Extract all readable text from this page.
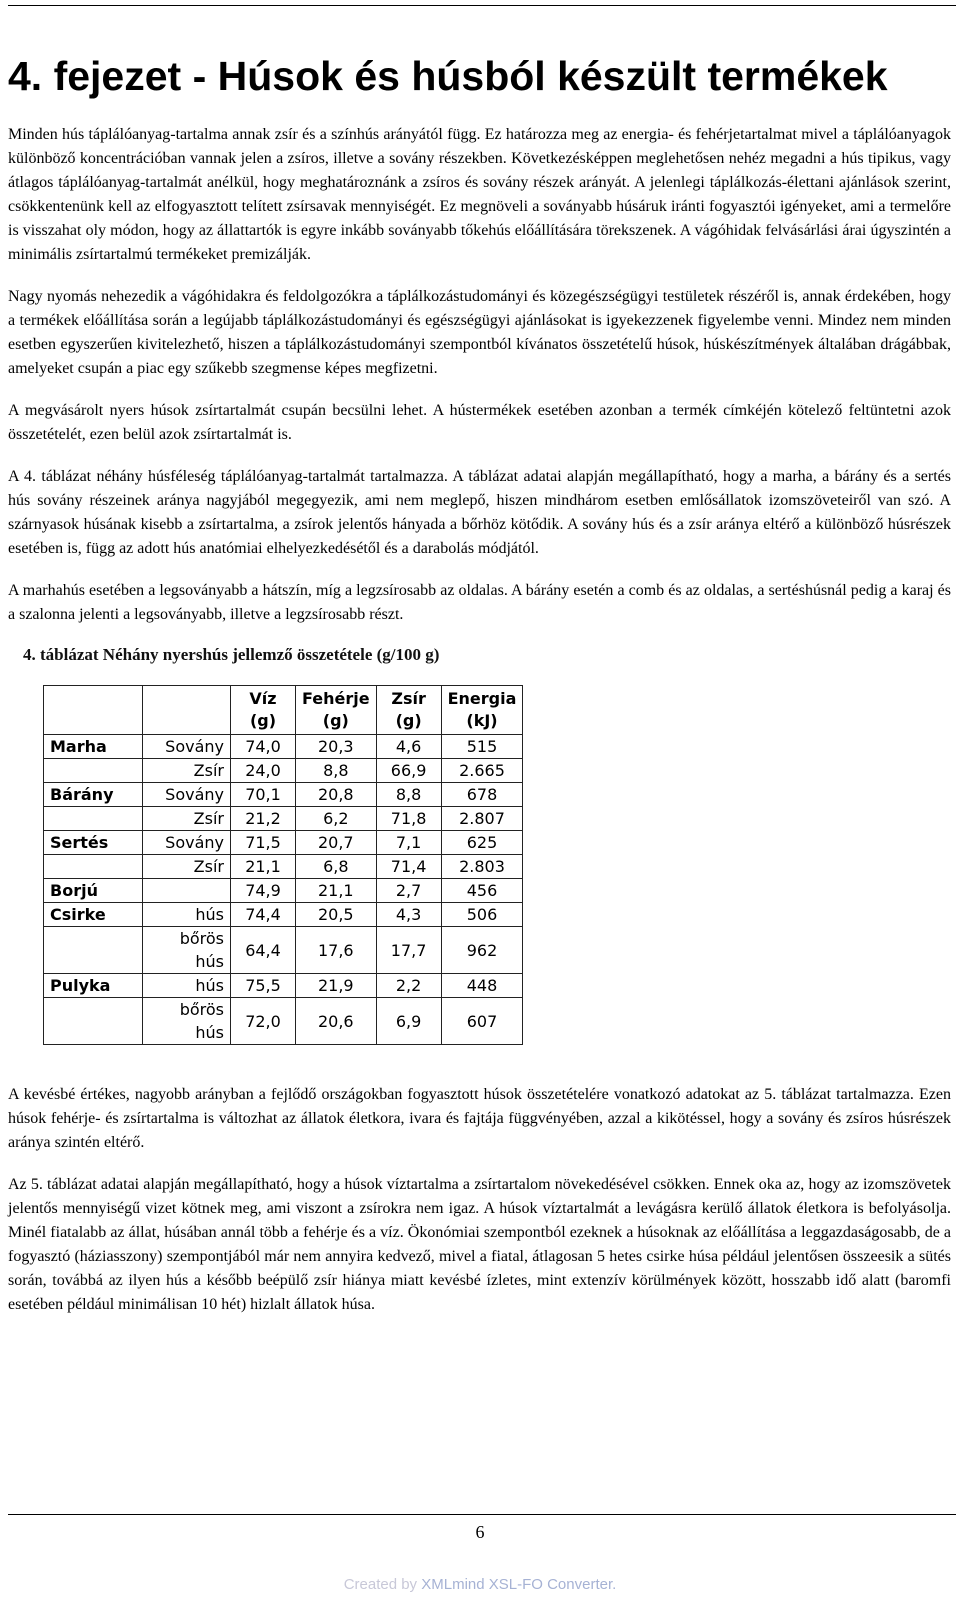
4. fejezet - Húsok és húsból készült termékek

Minden hús táplálóanyag-tartalma annak zsír és a színhús arányától függ. Ez határozza meg az energia- és fehérjetartalmat mivel a táplálóanyagok különböző koncentrációban vannak jelen a zsíros, illetve a sovány részekben. Következésképpen meglehetősen nehéz megadni a hús tipikus, vagy átlagos táplálóanyag-tartalmát anélkül, hogy meghatároznánk a zsíros és sovány részek arányát. A jelenlegi táplálkozás-élettani ajánlások szerint, csökkentenünk kell az elfogyasztott telített zsírsavak mennyiségét. Ez megnöveli a soványabb húsáruk iránti fogyasztói igényeket, ami a termelőre is visszahat oly módon, hogy az állattartók is egyre inkább soványabb tőkehús előállítására törekszenek. A vágóhidak felvásárlási árai úgyszintén a minimális zsírtartalmú termékeket premizálják.

Nagy nyomás nehezedik a vágóhidakra és feldolgozókra a táplálkozástudományi és közegészségügyi testületek részéről is, annak érdekében, hogy a termékek előállítása során a legújabb táplálkozástudományi és egészségügyi ajánlásokat is igyekezzenek figyelembe venni. Mindez nem minden esetben egyszerűen kivitelezhető, hiszen a táplálkozástudományi szempontból kívánatos összetételű húsok, húskészítmények általában drágábbak, amelyeket csupán a piac egy szűkebb szegmense képes megfizetni.

A megvásárolt nyers húsok zsírtartalmát csupán becsülni lehet. A hústermékek esetében azonban a termék címkéjén kötelező feltüntetni azok összetételét, ezen belül azok zsírtartalmát is.

A 4. táblázat néhány húsféleség táplálóanyag-tartalmát tartalmazza. A táblázat adatai alapján megállapítható, hogy a marha, a bárány és a sertés hús sovány részeinek aránya nagyjából megegyezik, ami nem meglepő, hiszen mindhárom esetben emlősállatok izomszöveteiről van szó. A szárnyasok húsának kisebb a zsírtartalma, a zsírok jelentős hányada a bőrhöz kötődik. A sovány hús és a zsír aránya eltérő a különböző húsrészek esetében is, függ az adott hús anatómiai elhelyezkedésétől és a darabolás módjától.

A marhahús esetében a legsoványabb a hátszín, míg a legzsírosabb az oldalas. A bárány esetén a comb és az oldalas, a sertéshúsnál pedig a karaj és a szalonna jelenti a legsoványabb, illetve a legzsírosabb részt.

4. táblázat Néhány nyershús jellemző összetétele (g/100 g)
		Víz (g)	Fehérje (g)	Zsír (g)	Energia (kJ)
Marha	Sovány	74,0	20,3	4,6	515
	Zsír	24,0	8,8	66,9	2.665
Bárány	Sovány	70,1	20,8	8,8	678
	Zsír	21,2	6,2	71,8	2.807
Sertés	Sovány	71,5	20,7	7,1	625
	Zsír	21,1	6,8	71,4	2.803
Borjú		74,9	21,1	2,7	456
Csirke	hús	74,4	20,5	4,3	506
	bőrös hús	64,4	17,6	17,7	962
Pulyka	hús	75,5	21,9	2,2	448
	bőrös hús	72,0	20,6	6,9	607

A kevésbé értékes, nagyobb arányban a fejlődő országokban fogyasztott húsok összetételére vonatkozó adatokat az 5. táblázat tartalmazza. Ezen húsok fehérje- és zsírtartalma is változhat az állatok életkora, ivara és fajtája függvényében, azzal a kikötéssel, hogy a sovány és zsíros húsrészek aránya szintén eltérő.

Az 5. táblázat adatai alapján megállapítható, hogy a húsok víztartalma a zsírtartalom növekedésével csökken. Ennek oka az, hogy az izomszövetek jelentős mennyiségű vizet kötnek meg, ami viszont a zsírokra nem igaz. A húsok víztartalmát a levágásra kerülő állatok életkora is befolyásolja. Minél fiatalabb az állat, húsában annál több a fehérje és a víz. Ökonómiai szempontból ezeknek a húsoknak az előállítása a leggazdaságosabb, de a fogyasztó (háziasszony) szempontjából már nem annyira kedvező, mivel a fiatal, átlagosan 5 hetes csirke húsa például jelentősen összeesik a sütés során, továbbá az ilyen hús a később beépülő zsír hiánya miatt kevésbé ízletes, mint extenzív körülmények között, hosszabb idő alatt (baromfi esetében például minimálisan 10 hét) hizlalt állatok húsa.

6
Created by XMLmind XSL-FO Converter.
